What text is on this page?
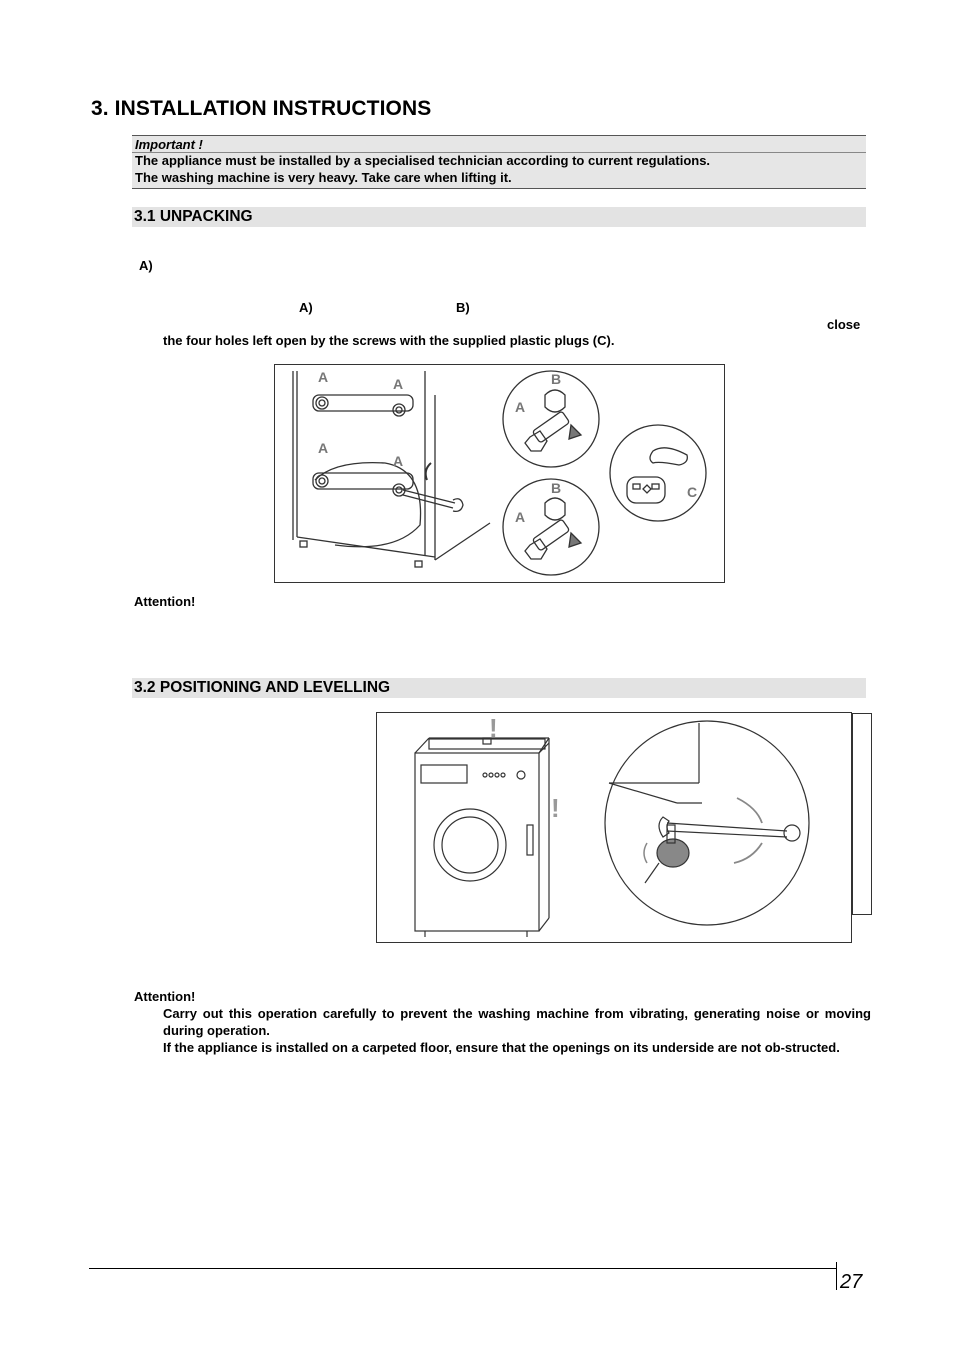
3. INSTALLATION INSTRUCTIONS
Important !
The appliance must be installed by a specialised technician according to current regulations.
The washing machine is very heavy. Take care when lifting it.
3.1 UNPACKING
A)
A)	B)
close
the four holes left open by the screws with the supplied plastic plugs (C).
A	A
A
A
B
A
B
A
C
Attention!
3.2 POSITIONING AND LEVELLING
!
!
Attention!
Carry out this operation carefully to prevent the washing machine from vibrating, generating noise or moving during operation.
If the appliance is installed on a carpeted floor, ensure that the openings on its underside are not ob-structed.
27
